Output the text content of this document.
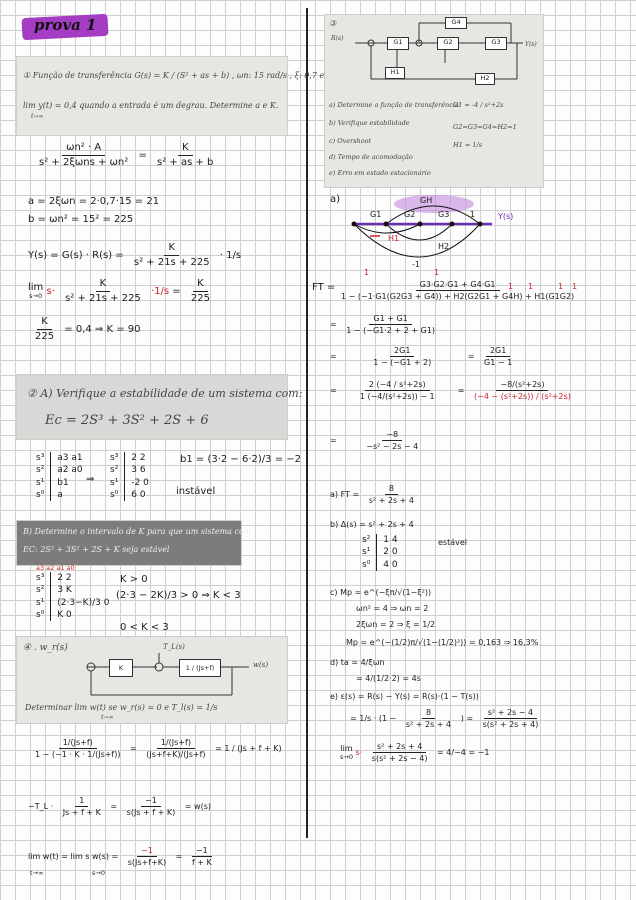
prova 1
① Função de transferência G(s) = K / (S² + as + b) , ωn: 15 rad/s , ξ: 0,7 e
lim y(t) = 0,4 quando a entrada é um degrau. Determine a e K.
t→∞
$\frac{\text{ωn² · A}}{\text{s² + 2ξωns + ωn²}} = \frac{K}{\text{s² + as + b}}$
a = 2ξωn = 2·0,7·15 = 21
b = ωn² = 15² = 225
$Y(s) = G(s) \cdot R(s) = \frac{K}{\text{s² + 21s + 225}} \cdot 1/s$
lim
s→0 $s\cdot \frac{K}{\text{s² + 21s + 225}} \cdot 1/s = \frac{K}{225}$
$\frac{K}{225} = 0,4$ ⇒ K = 90
② A) Verifique a estabilidade de um sistema com:
Ec = 2S³ + 3S² + 2S + 6
s³	a3 a1
s²	a2 a0
s¹	b1
s⁰	a
⇒
s³	2 2
s²	3 6
s¹	-2 0
s⁰	6 0
b1 = (3·2 − 6·2)/3 = −2
instável
B) Determine o intervalo de K para que um sistema com
EC: 2S³ + 3S² + 2S + K seja estável
a3 a2 a1 a0
s³	2 2
s²	3 K
s¹	(2·3−K)/3 0
s⁰	K 0
K > 0
(2·3 − 2K)/3 > 0 ⇒ K < 3
0 < K < 3
④ . w_r(s)
K	1 / (Js+f)
T_L(s)
w(s)
Determinar lim w(t) se w_r(s) = 0 e T_l(s) = 1/s
t→∞
$\frac{1/(Js+f)}{1 - (-1 \cdot K \cdot 1/(Js+f))} = \frac{1/(Js+f)}{(Js+f+K)/(Js+f)} = 1 / (Js + f + K)$
−T_L · $\frac{1}{Js + f + K} = \frac{-1}{s(Js + f + K)} = w(s)$
lim w(t) = lim s $w(s) = \frac{-1}{s(Js+f+K)} = \frac{-1}{f + K}$
t→∞	s→0
③
R(s)
Y(s)
G4
G1	G2	G3
H1
H2
a) Determine a função de transferência
b) Verifique estabilidade
c) Overshoot
d) Tempo de acomodação
e) Erro em estado estacionário
G1 = -4 / s²+2s
G2=G3=G4=H2=1
H1 = 1/s
a)
G1	G2	G3	1	Y(s)
GH
H1
H2
-1
1	1
1 1	1
1
FT = $\frac{G3\cdot G2\cdot G1 + G4\cdot G1}{1 - (-1\cdot G1(G2G3 + G4)) + H2(G2G1 + G4H) + H1(G1G2)}$
= $\frac{G1 + G1}{1 - (-G1\cdot 2 + 2 + G1)}$
= $\frac{2G1}{1 - (-G1 + 2)} = \frac{2G1}{G1 - 1}$
= $\frac{\text{2 (−4 / s²+2s)}}{\text{1 (−4/(s²+2s)) − 1}} = \frac{\text{−8/(s²+2s)}}{\text{(−4 − (s²+2s)) / (s²+2s)}}$
= $\frac{-8}{\text{−s² − 2s − 4}}$
a) FT = $\frac{8}{\text{s² + 2s + 4}}$
b) Δ(s) = s² + 2s + 4
s²	1 4
s¹	2 0
s⁰	4 0
estável
c) Mp = e^(−ξπ/√(1−ξ²))
ωn² = 4 ⇒ ωn = 2
2ξωn = 2 ⇒ ξ = 1/2
Mp = e^(−(1/2)π/√(1−(1/2)²)) = 0,163 ⇒ 16,3%
d) ta = 4/ξωn
= 4/(1/2·2) = 4s
e) ε(s) = R(s) − Y(s) = R(s)·(1 − T(s))
= $1/s \cdot (1 - \frac{8}{\text{s² + 2s + 4}}$ ) = $\frac{\text{s² + 2s − 4}}{\text{s(s² + 2s + 4)}}$
lim
s→0 $s\cdot \frac{\text{s² + 2s + 4}}{\text{s(s² + 2s − 4)}} = 4/-4 = -1$
